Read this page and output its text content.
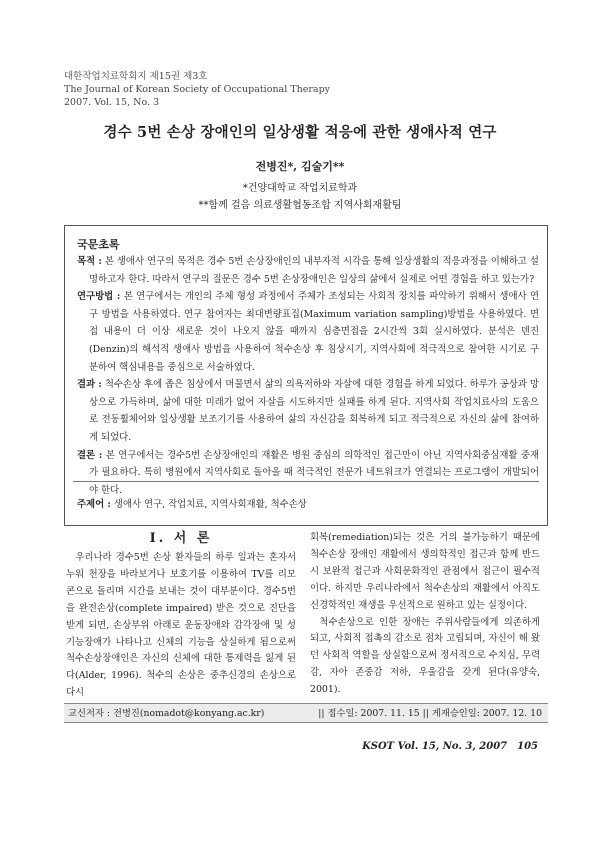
대한작업치료학회지 제15권 제3호
The Journal of Korean Society of Occupational Therapy
2007. Vol. 15, No. 3
경수 5번 손상 장애인의 일상생활 적응에 관한 생애사적 연구
전병진*, 김술기**
*건양대학교 작업치료학과
**함께 걸음 의료생활협동조합 지역사회재활팀
국문초록

목적 : 본 생애사 연구의 목적은 경수 5번 손상장애인의 내부자적 시각을 통해 일상생활의 적응과정을 이해하고 설명하고자 한다. 따라서 연구의 질문은 경수 5번 손상장애인은 일상의 삶에서 실제로 어떤 경험을 하고 있는가?

연구방법 : 본 연구에서는 개인의 주체 형성 과정에서 주체가 조성되는 사회적 장치를 파악하기 위해서 생애사 연구 방법을 사용하였다. 연구 참여자는 최대변량표집(Maximum variation sampling)방법을 사용하였다. 면접 내용이 더 이상 새로운 것이 나오지 않을 때까지 심층면접을 2시간씩 3회 실시하였다. 분석은 덴진(Denzin)의 해석적 생애사 방법을 사용하여 척수손상 후 침상시기, 지역사회에 적극적으로 참여한 시기로 구분하여 핵심내용을 중심으로 서술하였다.

결과 : 척수손상 후에 좁은 침상에서 머물면서 삶의 의욕저하와 자살에 대한 경험을 하게 되었다. 하루가 공상과 망상으로 가득하며, 삶에 대한 미래가 없어 자살을 시도하지만 실패를 하게 된다. 지역사회 작업치료사의 도움으로 전동휠체어와 일상생활 보조기기를 사용하여 삶의 자신감을 회복하게 되고 적극적으로 자신의 삶에 참여하게 되었다.

결론 : 본 연구에서는 경수5번 손상장애인의 재활은 병원 중심의 의학적인 접근만이 아닌 지역사회중심재활 중재가 필요하다. 특히 병원에서 지역사회로 돌아올 때 적극적인 전문가 네트워크가 연결되는 프로그램이 개발되어야 한다.

주제어 : 생애사 연구, 작업치료, 지역사회재활, 척수손상
Ⅰ. 서 론

우리나라 경수5번 손상 환자들의 하루 일과는 혼자서 누워 천장을 바라보거나 보호기를 이용하여 TV를 리모콘으로 돌리며 시간을 보내는 것이 대부분이다. 경수5번을 완전손상(complete impaired) 받은 것으로 진단을 받게 되면, 손상부위 아래로 운동장애와 감각장애 및 성기능장애가 나타나고 신체의 기능을 상실하게 됨으로써 척수손상장애인은 자신의 신체에 대한 통제력을 잃게 된다(Alder, 1996). 척수의 손상은 중추신경의 손상으로 다시

회복(remediation)되는 것은 거의 불가능하기 때문에 척수손상 장애인 재활에서 생의학적인 접근과 함께 반드시 보완적 접근과 사회문화적인 관점에서 접근이 필수적이다. 하지만 우리나라에서 척수손상의 재활에서 아직도 신경학적인 재생을 우선적으로 원하고 있는 실정이다.

척수손상으로 인한 장애는 주위사람들에게 의존하게 되고, 사회적 접촉의 감소로 점차 고립되며, 자신이 해 왔던 사회적 역할을 상실함으로써 정서적으로 수치심, 무력감, 자아 존중감 저하, 우울감을 갖게 된다(유양숙, 2001).

교신저자 : 전병진(nomadot@konyang.ac.kr)	|| 접수일: 2007. 11. 15 || 게재승인일: 2007. 12. 10
KSOT Vol. 15, No. 3, 2007 105
